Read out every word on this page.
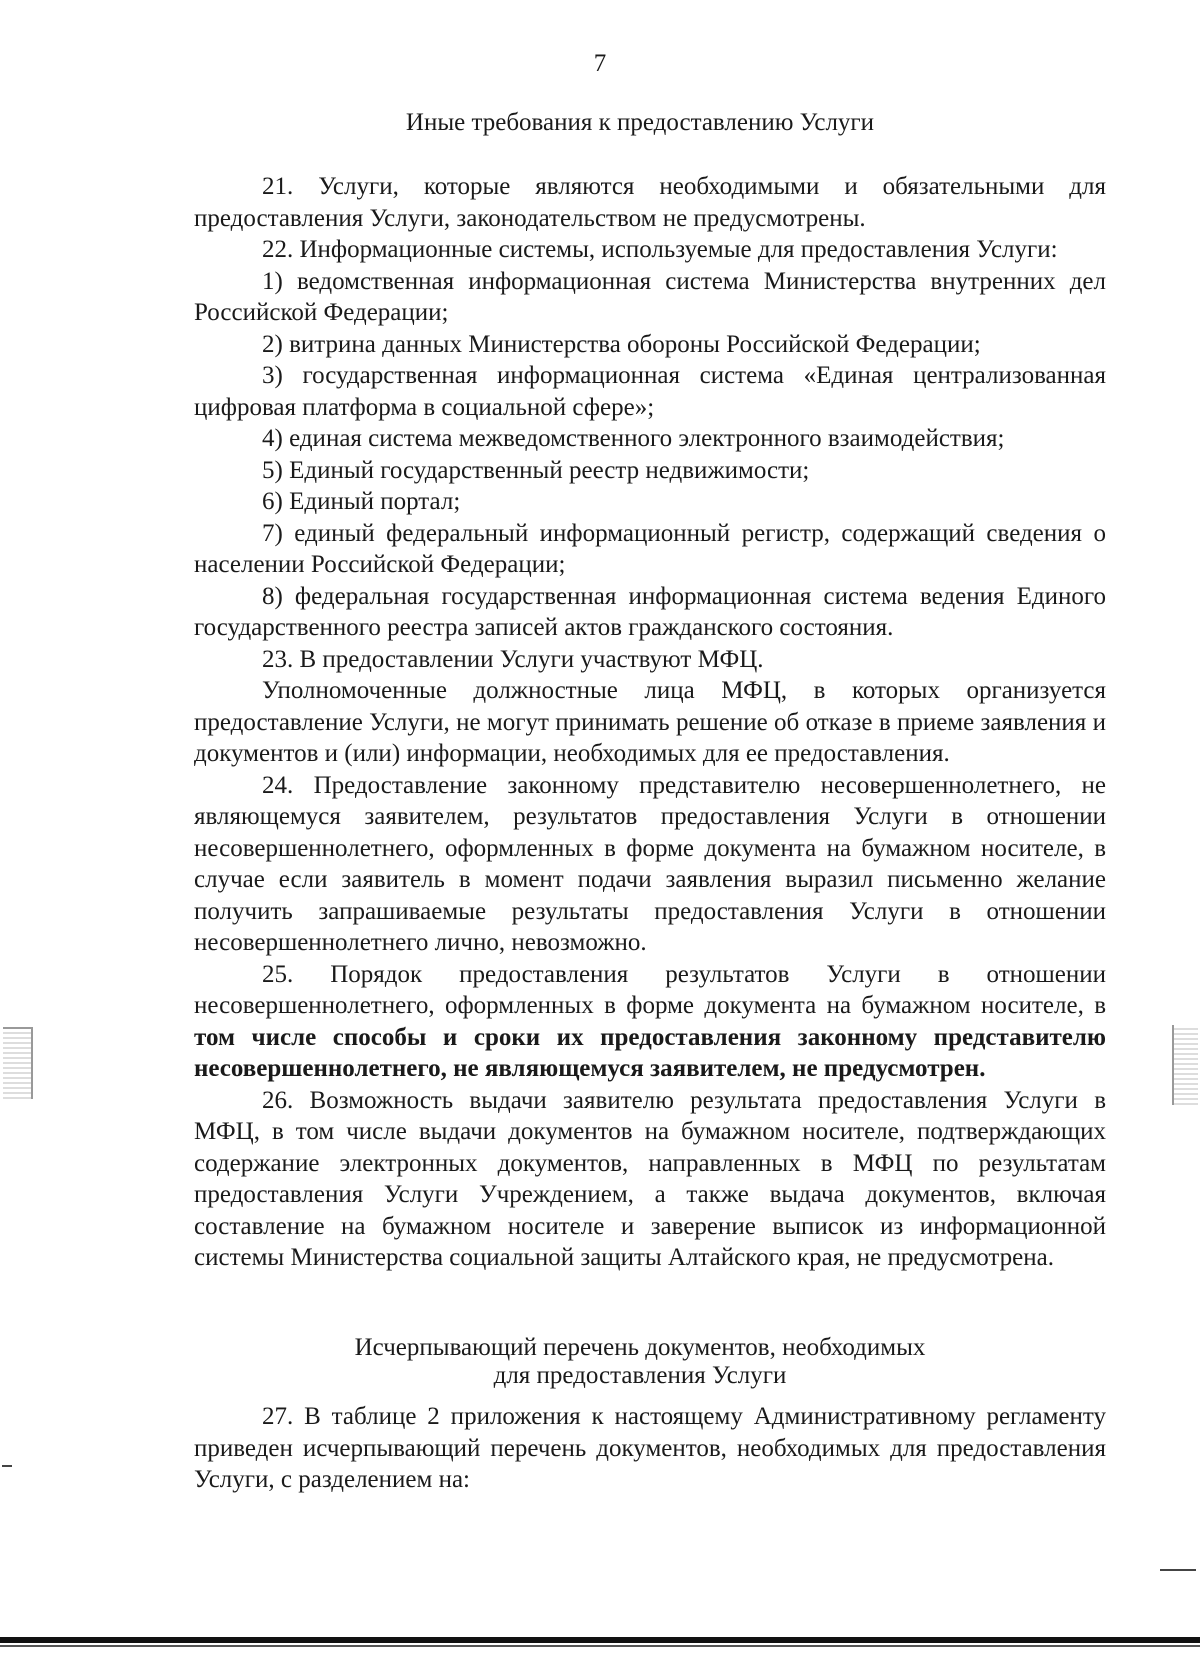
7
Иные требования к предоставлению Услуги

21. Услуги, которые являются необходимыми и обязательными для предоставления Услуги, законодательством не предусмотрены.

22. Информационные системы, используемые для предоставления Услуги:

1) ведомственная информационная система Министерства внутренних дел Российской Федерации;

2) витрина данных Министерства обороны Российской Федерации;

3) государственная информационная система «Единая централизованная цифровая платформа в социальной сфере»;

4) единая система межведомственного электронного взаимодействия;

5) Единый государственный реестр недвижимости;

6) Единый портал;

7) единый федеральный информационный регистр, содержащий сведения о населении Российской Федерации;

8) федеральная государственная информационная система ведения Единого государственного реестра записей актов гражданского состояния.

23. В предоставлении Услуги участвуют МФЦ.

Уполномоченные должностные лица МФЦ, в которых организуется предоставление Услуги, не могут принимать решение об отказе в приеме заявления и документов и (или) информации, необходимых для ее предоставления.

24. Предоставление законному представителю несовершеннолетнего, не являющемуся заявителем, результатов предоставления Услуги в отношении несовершеннолетнего, оформленных в форме документа на бумажном носителе, в случае если заявитель в момент подачи заявления выразил письменно желание получить запрашиваемые результаты предоставления Услуги в отношении несовершеннолетнего лично, невозможно.

25. Порядок предоставления результатов Услуги в отношении несовершеннолетнего, оформленных в форме документа на бумажном носителе, в том числе способы и сроки их предоставления законному представителю несовершеннолетнего, не являющемуся заявителем, не предусмотрен.

26. Возможность выдачи заявителю результата предоставления Услуги в МФЦ, в том числе выдачи документов на бумажном носителе, подтверждающих содержание электронных документов, направленных в МФЦ по результатам предоставления Услуги Учреждением, а также выдача документов, включая составление на бумажном носителе и заверение выписок из информационной системы Министерства социальной защиты Алтайского края, не предусмотрена.

Исчерпывающий перечень документов, необходимых
для предоставления Услуги

27. В таблице 2 приложения к настоящему Административному регламенту приведен исчерпывающий перечень документов, необходимых для предоставления Услуги, с разделением на:
